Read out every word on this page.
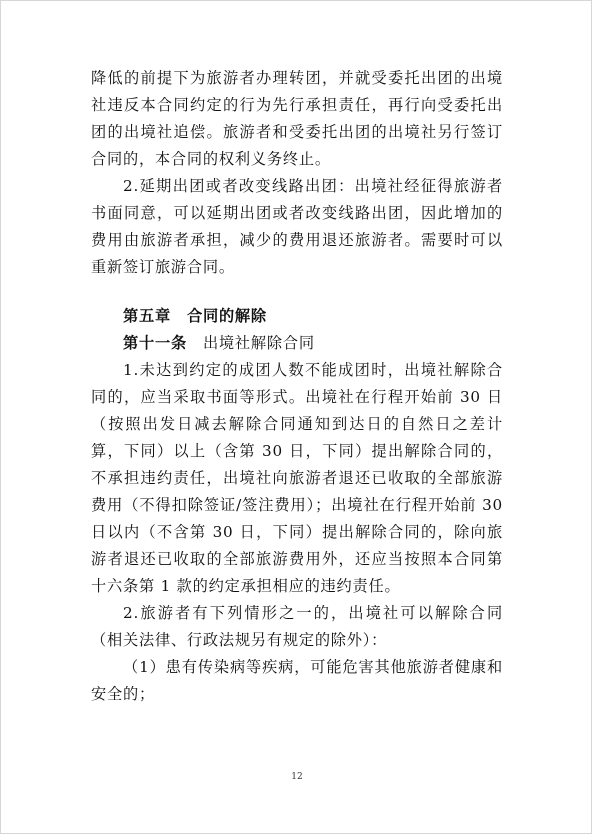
降低的前提下为旅游者办理转团，并就受委托出团的出境社违反本合同约定的行为先行承担责任，再行向受委托出团的出境社追偿。旅游者和受委托出团的出境社另行签订合同的，本合同的权利义务终止。

2.延期出团或者改变线路出团：出境社经征得旅游者书面同意，可以延期出团或者改变线路出团，因此增加的费用由旅游者承担，减少的费用退还旅游者。需要时可以重新签订旅游合同。

第五章 合同的解除
第十一条 出境社解除合同

1.未达到约定的成团人数不能成团时，出境社解除合同的，应当采取书面等形式。出境社在行程开始前 30 日（按照出发日减去解除合同通知到达日的自然日之差计算，下同）以上（含第 30 日，下同）提出解除合同的，不承担违约责任，出境社向旅游者退还已收取的全部旅游费用（不得扣除签证/签注费用）；出境社在行程开始前 30 日以内（不含第 30 日，下同）提出解除合同的，除向旅游者退还已收取的全部旅游费用外，还应当按照本合同第十六条第 1 款的约定承担相应的违约责任。

2.旅游者有下列情形之一的，出境社可以解除合同（相关法律、行政法规另有规定的除外）：

（1）患有传染病等疾病，可能危害其他旅游者健康和安全的；

12
